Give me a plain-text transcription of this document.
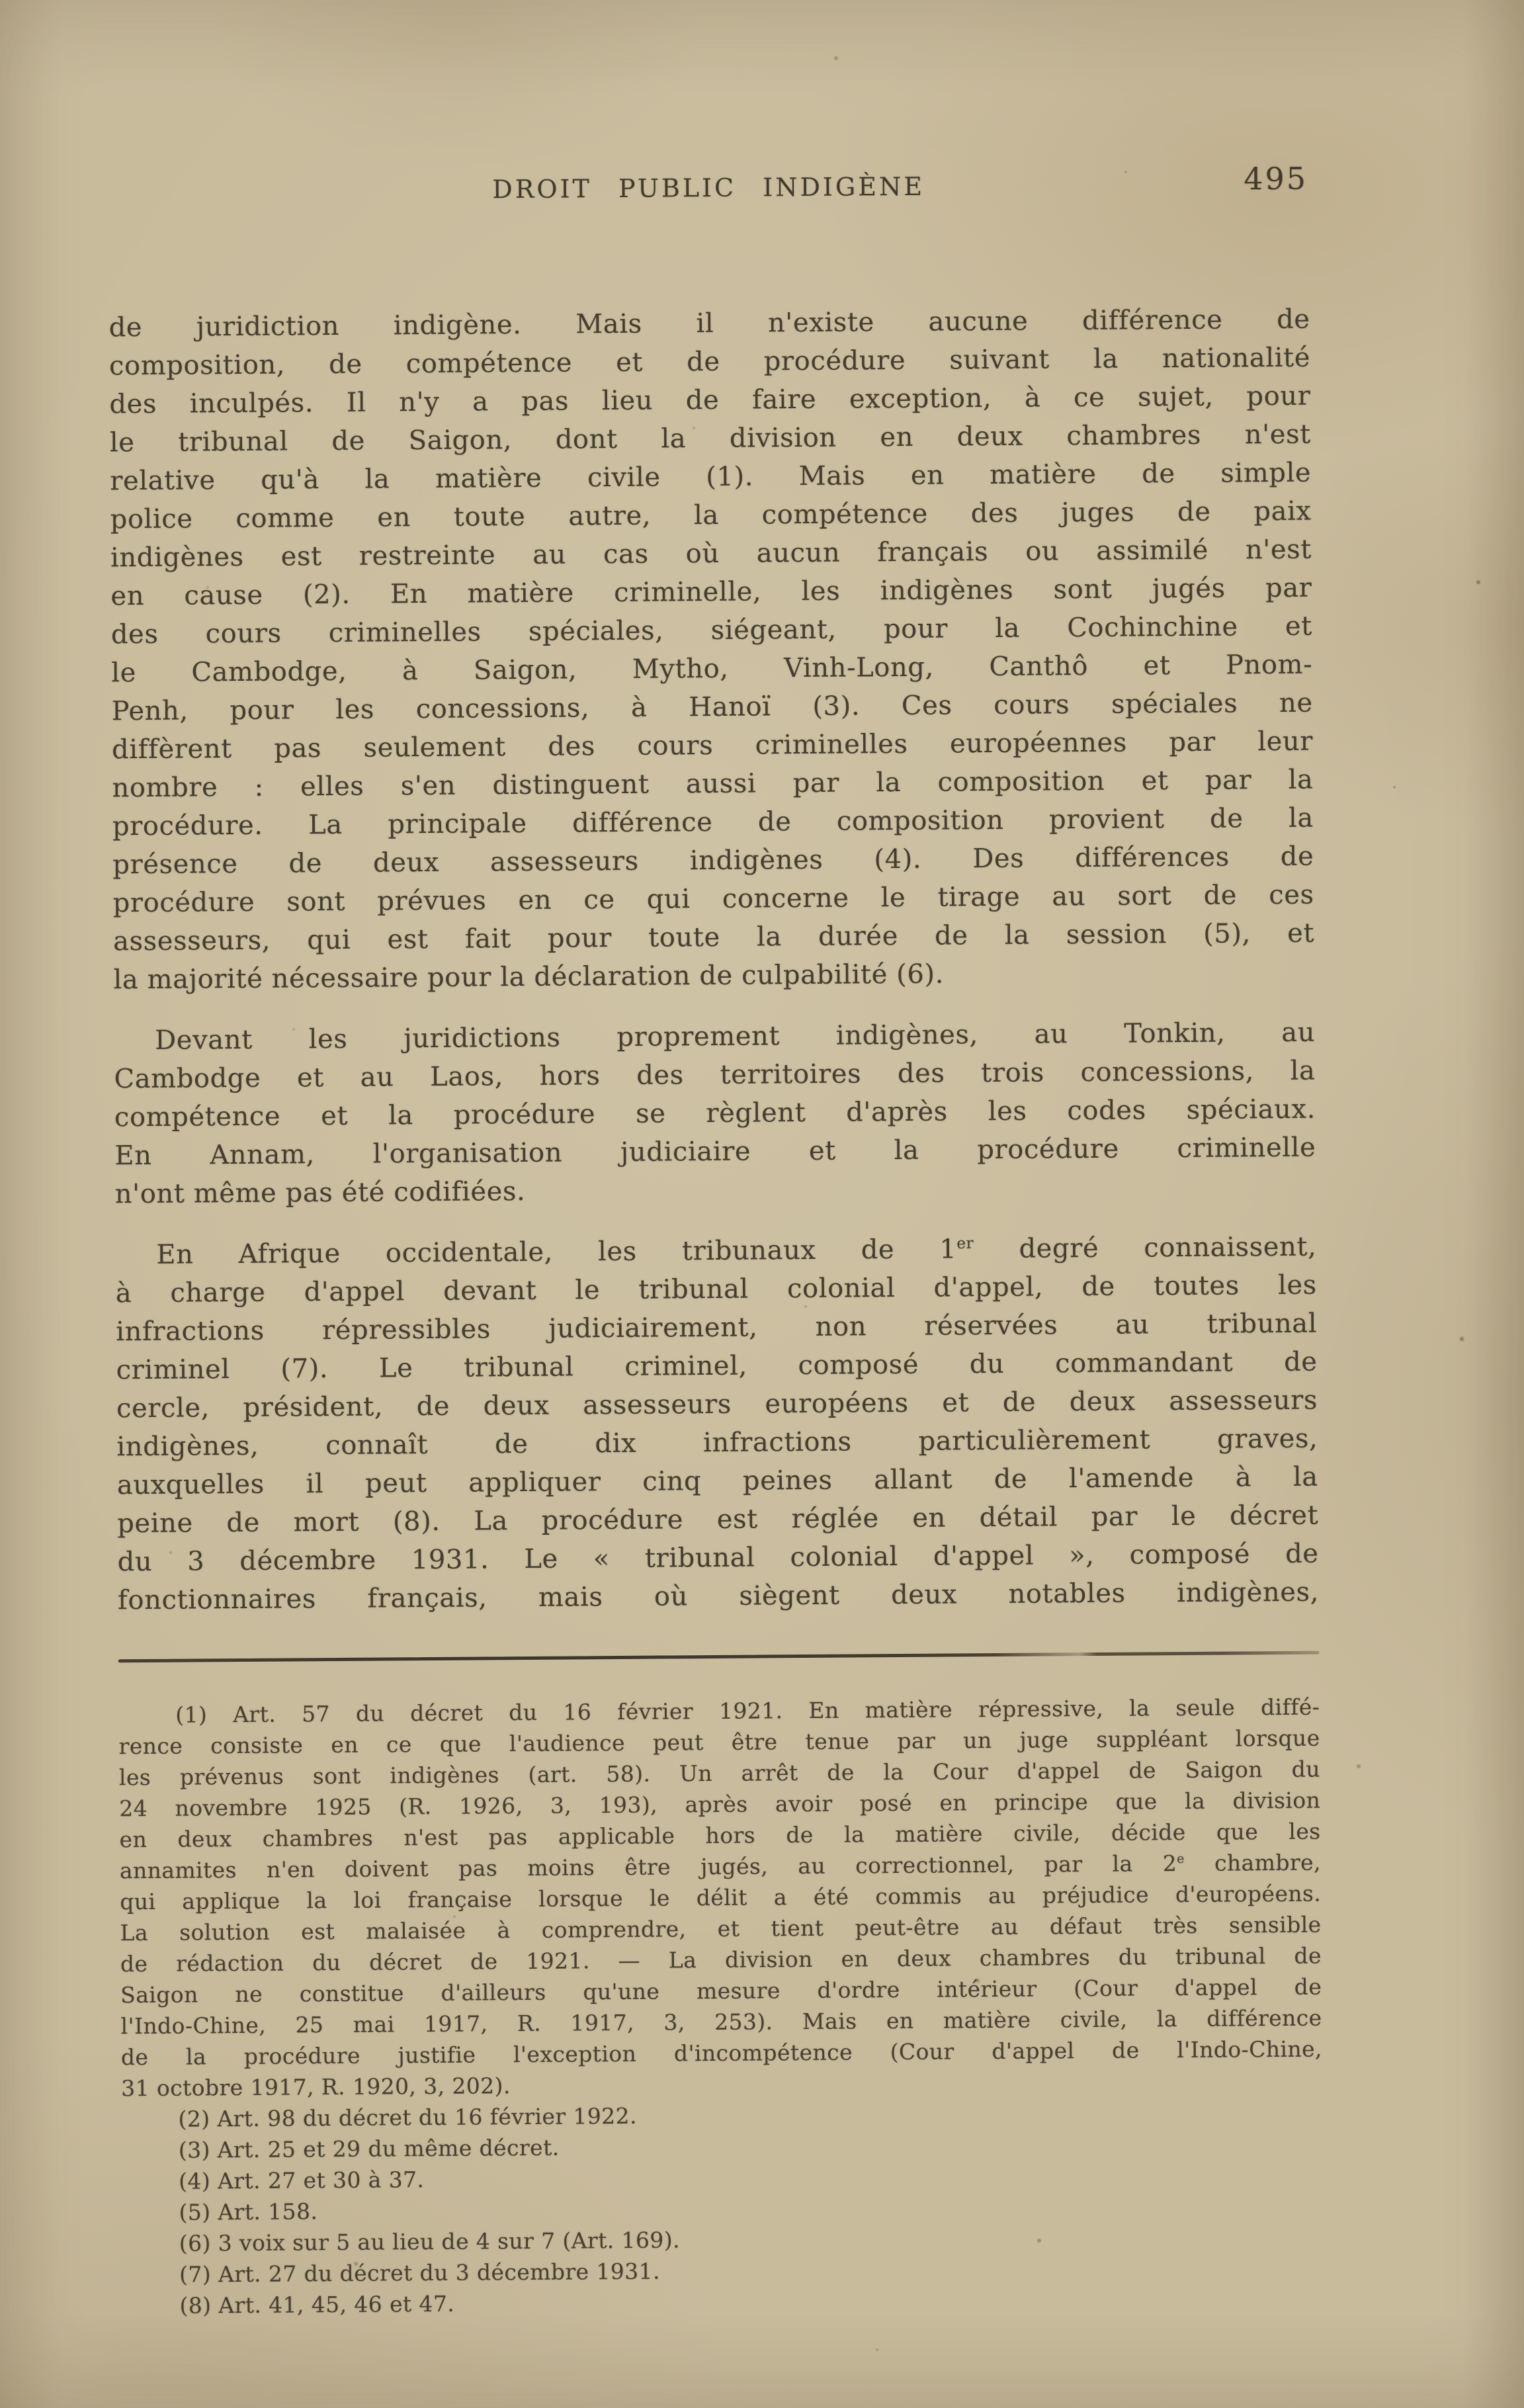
DROIT PUBLIC INDIGÈNE	495
de juridiction indigène. Mais il n'existe aucune différence de
composition, de compétence et de procédure suivant la nationalité
des inculpés. Il n'y a pas lieu de faire exception, à ce sujet, pour
le tribunal de Saigon, dont la division en deux chambres n'est
relative qu'à la matière civile (1). Mais en matière de simple
police comme en toute autre, la compétence des juges de paix
indigènes est restreinte au cas où aucun français ou assimilé n'est
en cause (2). En matière criminelle, les indigènes sont jugés par
des cours criminelles spéciales, siégeant, pour la Cochinchine et
le Cambodge, à Saigon, Mytho, Vinh-Long, Canthô et Pnom-
Penh, pour les concessions, à Hanoï (3). Ces cours spéciales ne
diffèrent pas seulement des cours criminelles européennes par leur
nombre : elles s'en distinguent aussi par la composition et par la
procédure. La principale différence de composition provient de la
présence de deux assesseurs indigènes (4). Des différences de
procédure sont prévues en ce qui concerne le tirage au sort de ces
assesseurs, qui est fait pour toute la durée de la session (5), et
la majorité nécessaire pour la déclaration de culpabilité (6).
Devant les juridictions proprement indigènes, au Tonkin, au
Cambodge et au Laos, hors des territoires des trois concessions, la
compétence et la procédure se règlent d'après les codes spéciaux.
En Annam, l'organisation judiciaire et la procédure criminelle
n'ont même pas été codifiées.
En Afrique occidentale, les tribunaux de 1er degré connaissent,
à charge d'appel devant le tribunal colonial d'appel, de toutes les
infractions répressibles judiciairement, non réservées au tribunal
criminel (7). Le tribunal criminel, composé du commandant de
cercle, président, de deux assesseurs européens et de deux assesseurs
indigènes, connaît de dix infractions particulièrement graves,
auxquelles il peut appliquer cinq peines allant de l'amende à la
peine de mort (8). La procédure est réglée en détail par le décret
du 3 décembre 1931. Le « tribunal colonial d'appel », composé de
fonctionnaires français, mais où siègent deux notables indigènes,
(1) Art. 57 du décret du 16 février 1921. En matière répressive, la seule diffé-
rence consiste en ce que l'audience peut être tenue par un juge suppléant lorsque
les prévenus sont indigènes (art. 58). Un arrêt de la Cour d'appel de Saigon du
24 novembre 1925 (R. 1926, 3, 193), après avoir posé en principe que la division
en deux chambres n'est pas applicable hors de la matière civile, décide que les
annamites n'en doivent pas moins être jugés, au correctionnel, par la 2e chambre,
qui applique la loi française lorsque le délit a été commis au préjudice d'européens.
La solution est malaisée à comprendre, et tient peut-être au défaut très sensible
de rédaction du décret de 1921. — La division en deux chambres du tribunal de
Saigon ne constitue d'ailleurs qu'une mesure d'ordre intérieur (Cour d'appel de
l'Indo-Chine, 25 mai 1917, R. 1917, 3, 253). Mais en matière civile, la différence
de la procédure justifie l'exception d'incompétence (Cour d'appel de l'Indo-Chine,
31 octobre 1917, R. 1920, 3, 202).
(2) Art. 98 du décret du 16 février 1922.
(3) Art. 25 et 29 du même décret.
(4) Art. 27 et 30 à 37.
(5) Art. 158.
(6) 3 voix sur 5 au lieu de 4 sur 7 (Art. 169).
(7) Art. 27 du décret du 3 décembre 1931.
(8) Art. 41, 45, 46 et 47.
